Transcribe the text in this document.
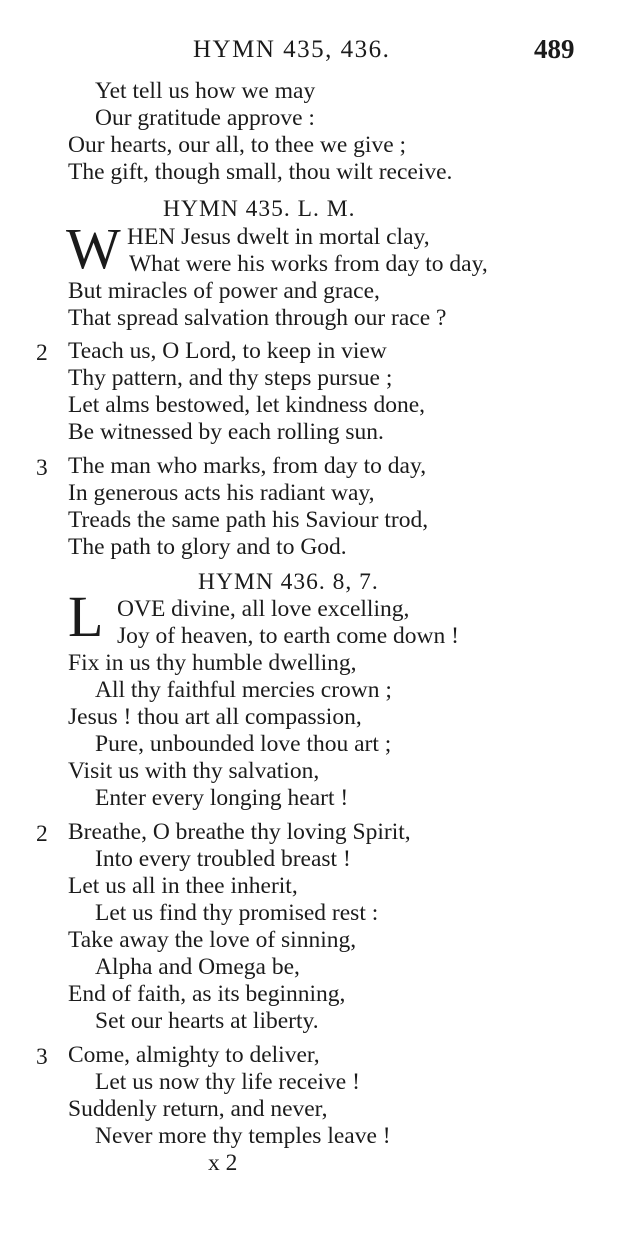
HYMN 435, 436.	489
Yet tell us how we may
Our gratitude approve :
Our hearts, our all, to thee we give ;
The gift, though small, thou wilt receive.
HYMN 435. L. M.
W HEN Jesus dwelt in mortal clay,
What were his works from day to day,
But miracles of power and grace,
That spread salvation through our race ?
2 Teach us, O Lord, to keep in view
Thy pattern, and thy steps pursue ;
Let alms bestowed, let kindness done,
Be witnessed by each rolling sun.
3 The man who marks, from day to day,
In generous acts his radiant way,
Treads the same path his Saviour trod,
The path to glory and to God.
HYMN 436. 8, 7.
L OVE divine, all love excelling,
Joy of heaven, to earth come down !
Fix in us thy humble dwelling,
All thy faithful mercies crown ;
Jesus ! thou art all compassion,
Pure, unbounded love thou art ;
Visit us with thy salvation,
Enter every longing heart !
2 Breathe, O breathe thy loving Spirit,
Into every troubled breast !
Let us all in thee inherit,
Let us find thy promised rest :
Take away the love of sinning,
Alpha and Omega be,
End of faith, as its beginning,
Set our hearts at liberty.
3 Come, almighty to deliver,
Let us now thy life receive !
Suddenly return, and never,
Never more thy temples leave !
x 2
